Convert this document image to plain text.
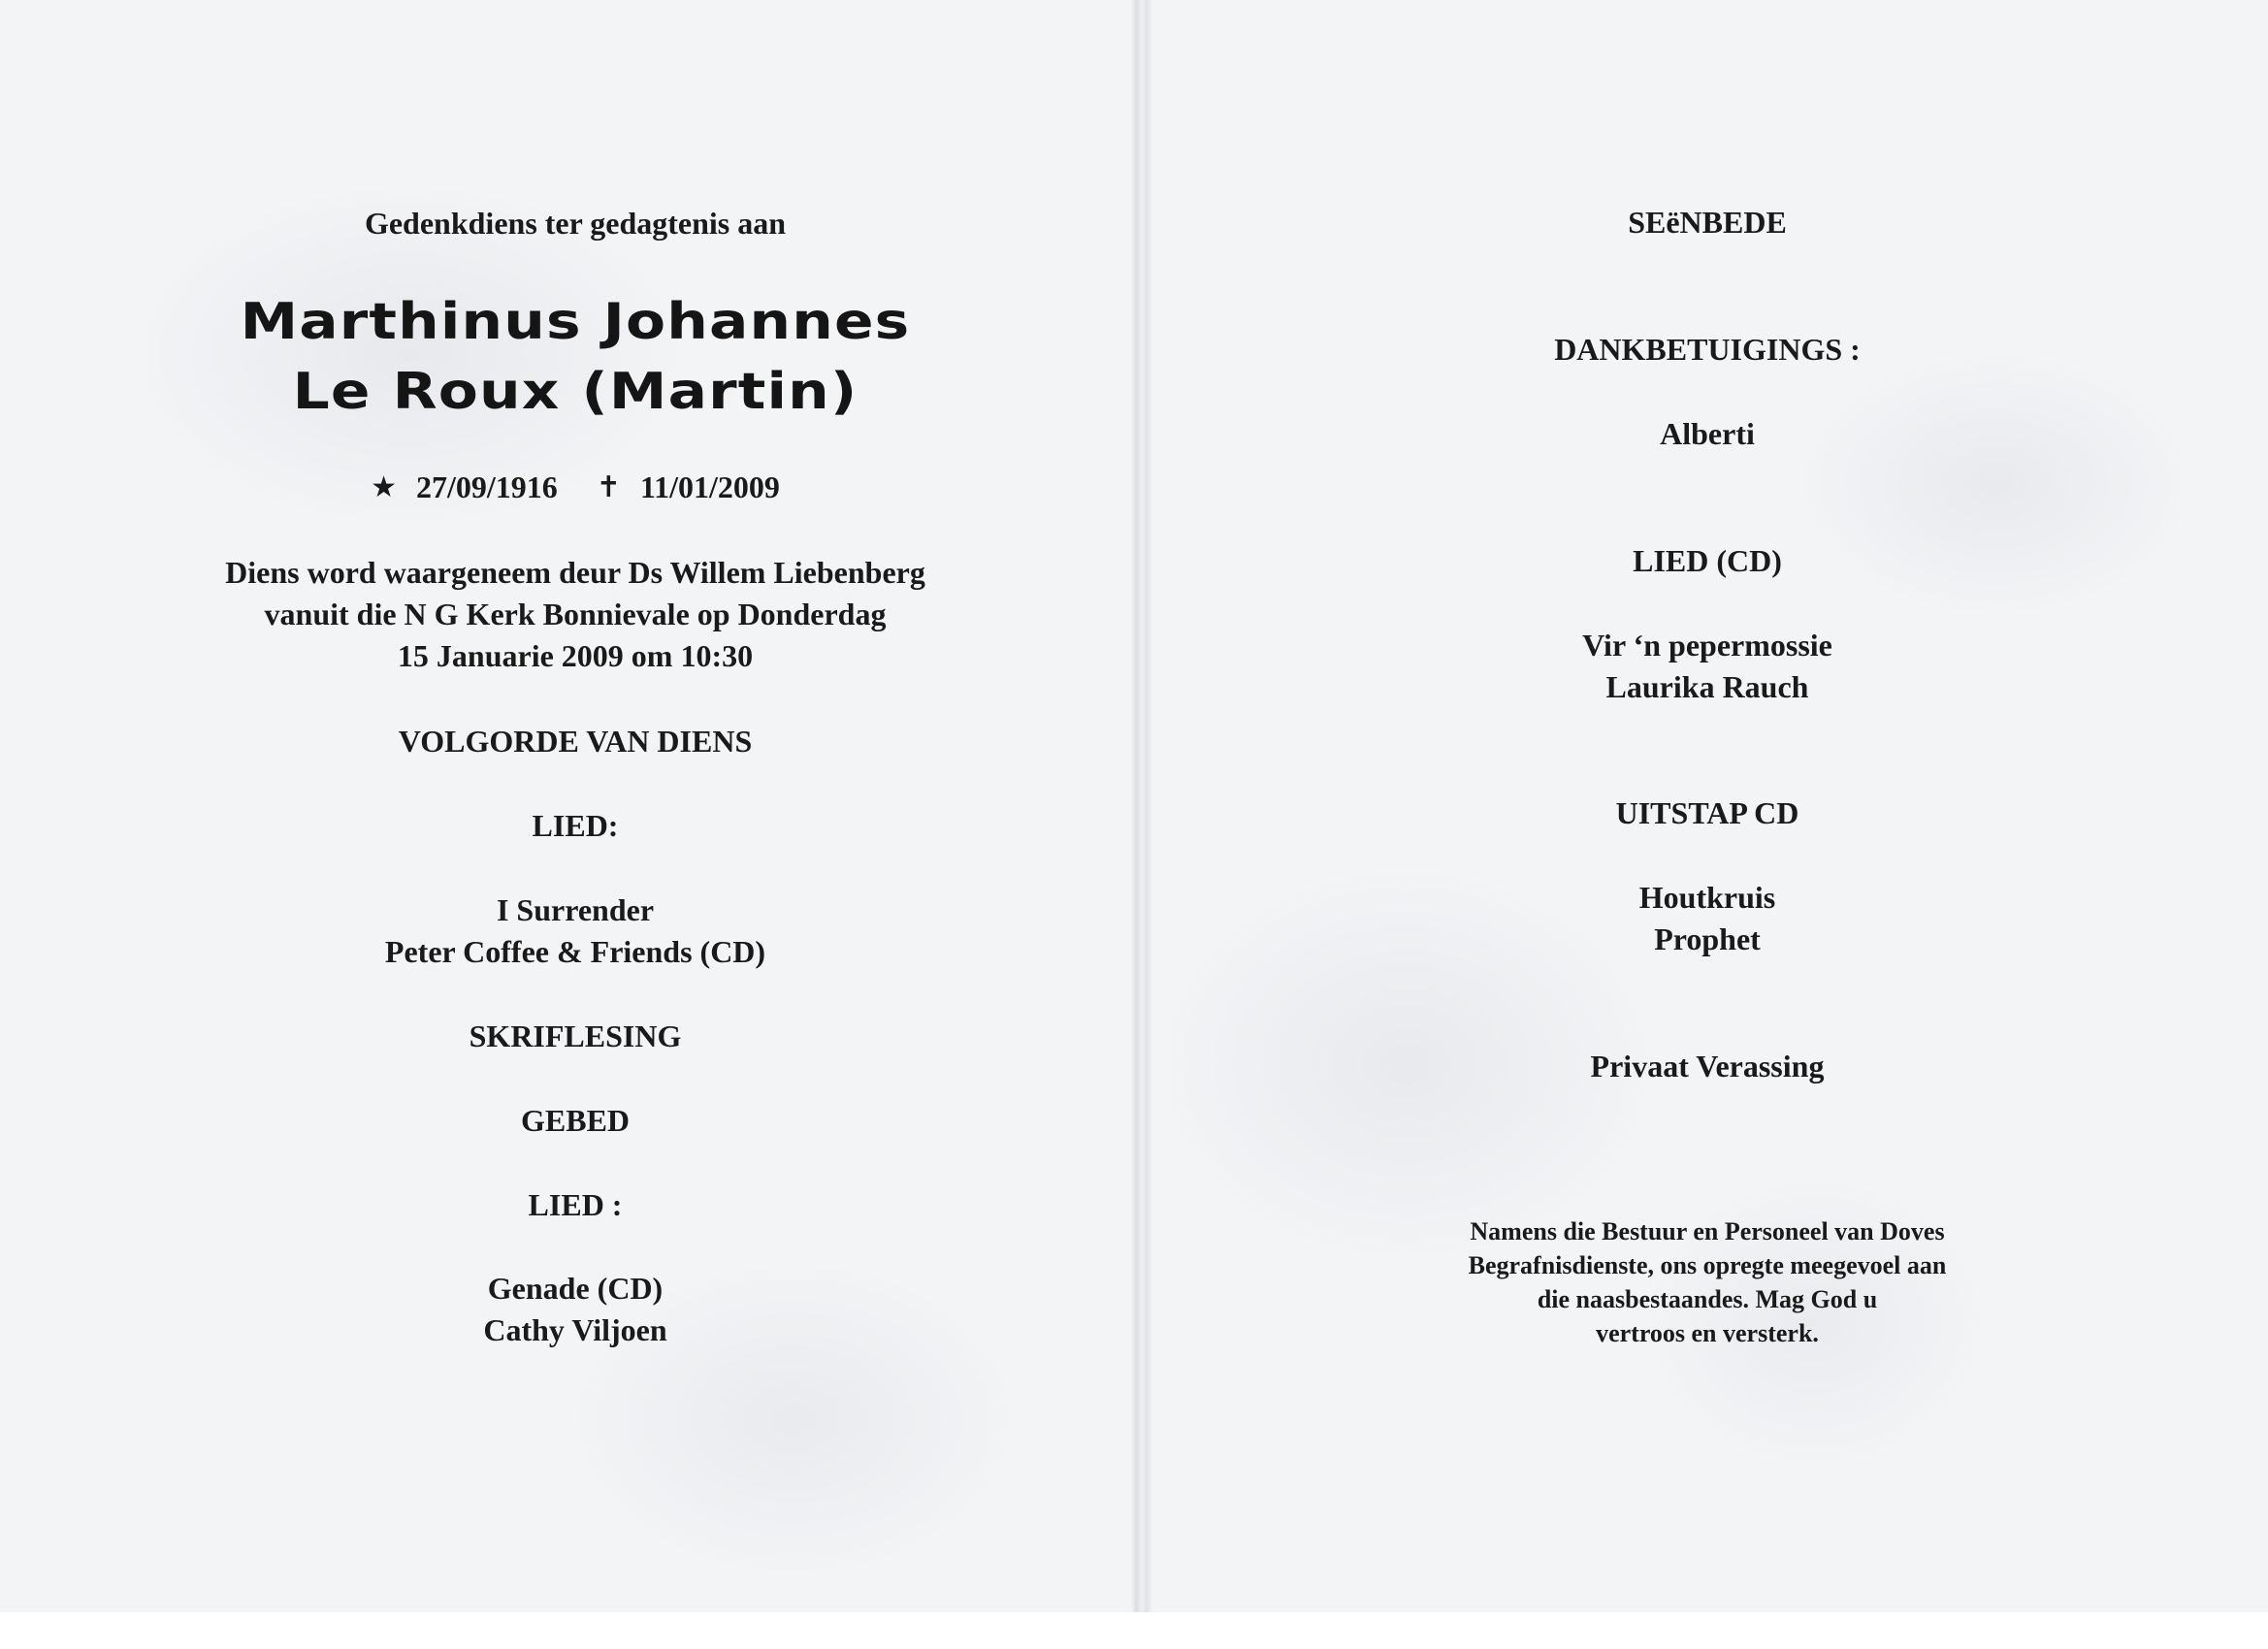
Gedenkdiens ter gedagtenis aan
Marthinus Johannes
Le Roux (Martin)
★ 27/09/1916 ✝ 11/01/2009
Diens word waargeneem deur Ds Willem Liebenberg
vanuit die N G Kerk Bonnievale op Donderdag
15 Januarie 2009 om 10:30
VOLGORDE VAN DIENS
LIED:
I Surrender
Peter Coffee & Friends (CD)
SKRIFLESING
GEBED
LIED :
Genade (CD)
Cathy Viljoen
SEëNBEDE
DANKBETUIGINGS :
Alberti
LIED (CD)
Vir ‘n pepermossie
Laurika Rauch
UITSTAP CD
Houtkruis
Prophet
Privaat Verassing
Namens die Bestuur en Personeel van Doves
Begrafnisdienste, ons opregte meegevoel aan
die naasbestaandes. Mag God u
vertroos en versterk.
